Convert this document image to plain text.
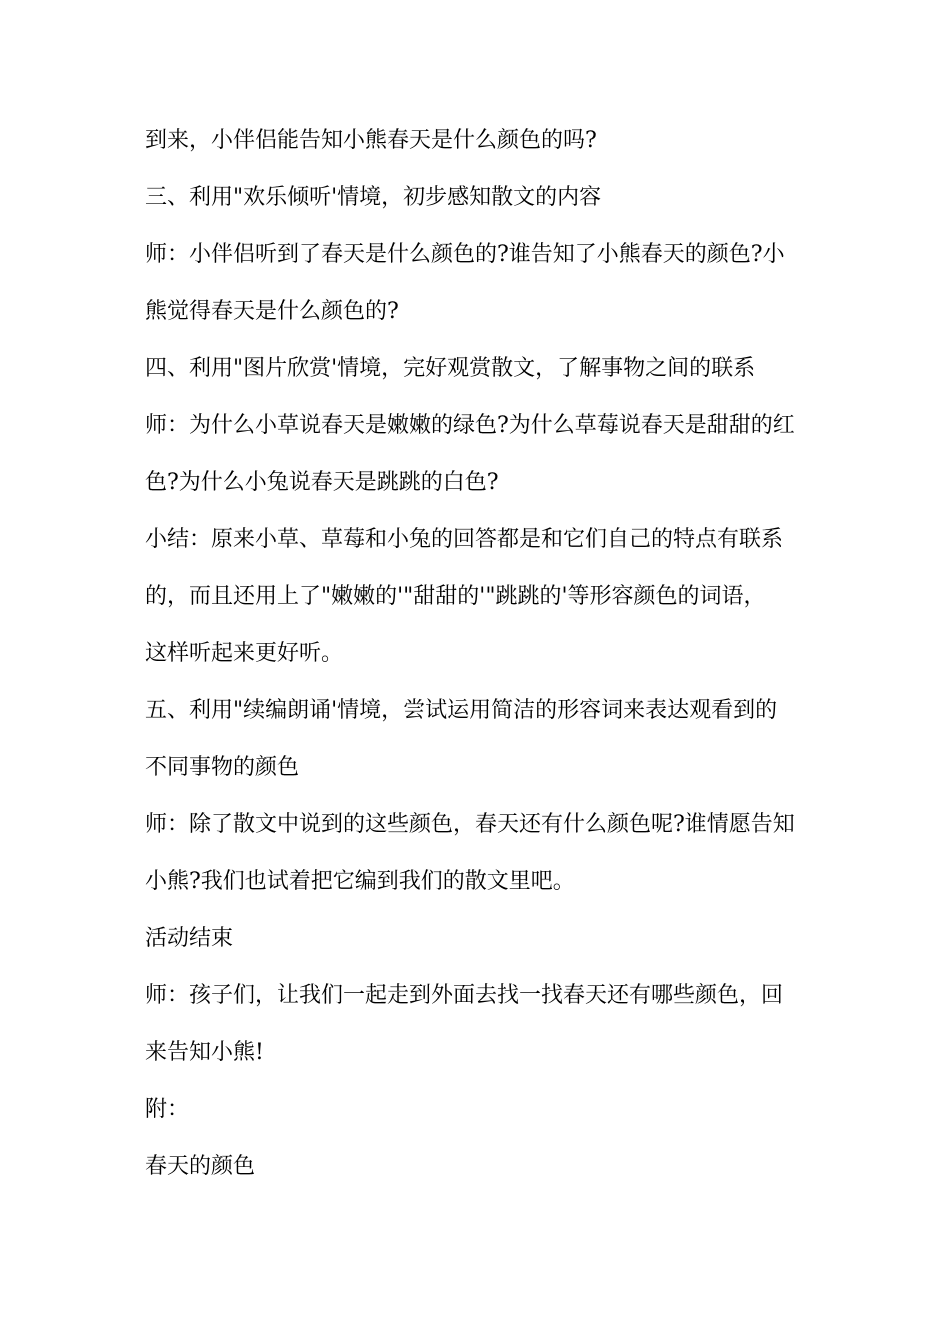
到来，小伴侣能告知小熊春天是什么颜色的吗?

三、利用"欢乐倾听'情境，初步感知散文的内容

师：小伴侣听到了春天是什么颜色的?谁告知了小熊春天的颜色?小

熊觉得春天是什么颜色的?

四、利用"图片欣赏'情境，完好观赏散文，了解事物之间的联系

师：为什么小草说春天是嫩嫩的绿色?为什么草莓说春天是甜甜的红

色?为什么小兔说春天是跳跳的白色?

小结：原来小草、草莓和小兔的回答都是和它们自己的特点有联系

的，而且还用上了"嫩嫩的'"甜甜的'"跳跳的'等形容颜色的词语，

这样听起来更好听。

五、利用"续编朗诵'情境，尝试运用简洁的形容词来表达观看到的

不同事物的颜色

师：除了散文中说到的这些颜色，春天还有什么颜色呢?谁情愿告知

小熊?我们也试着把它编到我们的散文里吧。

活动结束

师：孩子们，让我们一起走到外面去找一找春天还有哪些颜色，回

来告知小熊!

附：

春天的颜色
